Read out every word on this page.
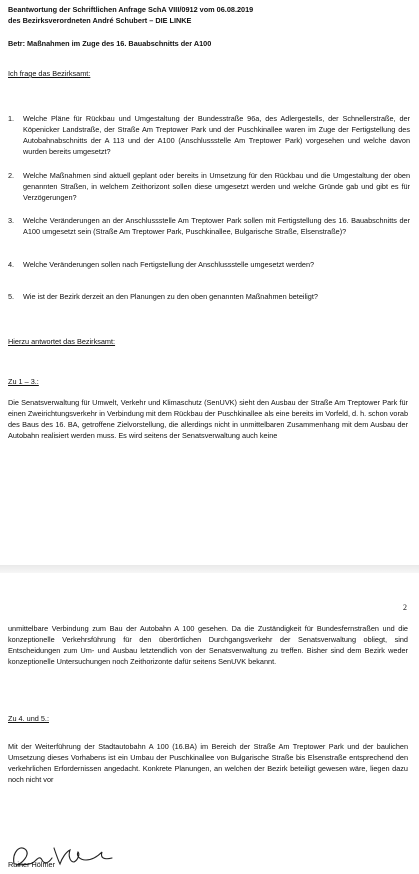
Beantwortung der Schriftlichen Anfrage SchA VIII/0912 vom 06.08.2019

des Bezirksverordneten André Schubert – DIE LINKE

Betr: Maßnahmen im Zuge des 16. Bauabschnitts der A100

Ich frage das Bezirksamt:

1. Welche Pläne für Rückbau und Umgestaltung der Bundesstraße 96a, des Adlergestells, der Schnellerstraße, der Köpenicker Landstraße, der Straße Am Treptower Park und der Puschkinallee waren im Zuge der Fertigstellung des Autobahnabschnitts der A 113 und der A100 (Anschlussstelle Am Treptower Park) vorgesehen und welche davon wurden bereits umgesetzt?
2. Welche Maßnahmen sind aktuell geplant oder bereits in Umsetzung für den Rückbau und die Umgestaltung der oben genannten Straßen, in welchem Zeithorizont sollen diese umgesetzt werden und welche Gründe gab und gibt es für Verzögerungen?
3. Welche Veränderungen an der Anschlussstelle Am Treptower Park sollen mit Fertigstellung des 16. Bauabschnitts der A100 umgesetzt sein (Straße Am Treptower Park, Puschkinallee, Bulgarische Straße, Elsenstraße)?
4. Welche Veränderungen sollen nach Fertigstellung der Anschlussstelle umgesetzt werden?
5. Wie ist der Bezirk derzeit an den Planungen zu den oben genannten Maßnahmen beteiligt?

Hierzu antwortet das Bezirksamt:

Zu 1 – 3.:

Die Senatsverwaltung für Umwelt, Verkehr und Klimaschutz (SenUVK) sieht den Ausbau der Straße Am Treptower Park für einen Zweirichtungsverkehr in Verbindung mit dem Rückbau der Puschkinallee als eine bereits im Vorfeld, d. h. schon vorab des Baus des 16. BA, getroffene Zielvorstellung, die allerdings nicht in unmittelbaren Zusammenhang mit dem Ausbau der Autobahn realisiert werden muss. Es wird seitens der Senatsverwaltung auch keine

2

unmittelbare Verbindung zum Bau der Autobahn A 100 gesehen. Da die Zuständigkeit für Bundesfernstraßen und die konzeptionelle Verkehrsführung für den überörtlichen Durchgangsverkehr der Senatsverwaltung obliegt, sind Entscheidungen zum Um- und Ausbau letztendlich von der Senatsverwaltung zu treffen. Bisher sind dem Bezirk weder konzeptionelle Untersuchungen noch Zeithorizonte dafür seitens SenUVK bekannt.

Zu 4. und 5.:

Mit der Weiterführung der Stadtautobahn A 100 (16.BA) im Bereich der Straße Am Treptower Park und der baulichen Umsetzung dieses Vorhabens ist ein Umbau der Puschkinallee von Bulgarische Straße bis Elsenstraße entsprechend den verkehrlichen Erfordernissen angedacht. Konkrete Planungen, an welchen der Bezirk beteiligt gewesen wäre, liegen dazu noch nicht vor

Rainer Hölmer
